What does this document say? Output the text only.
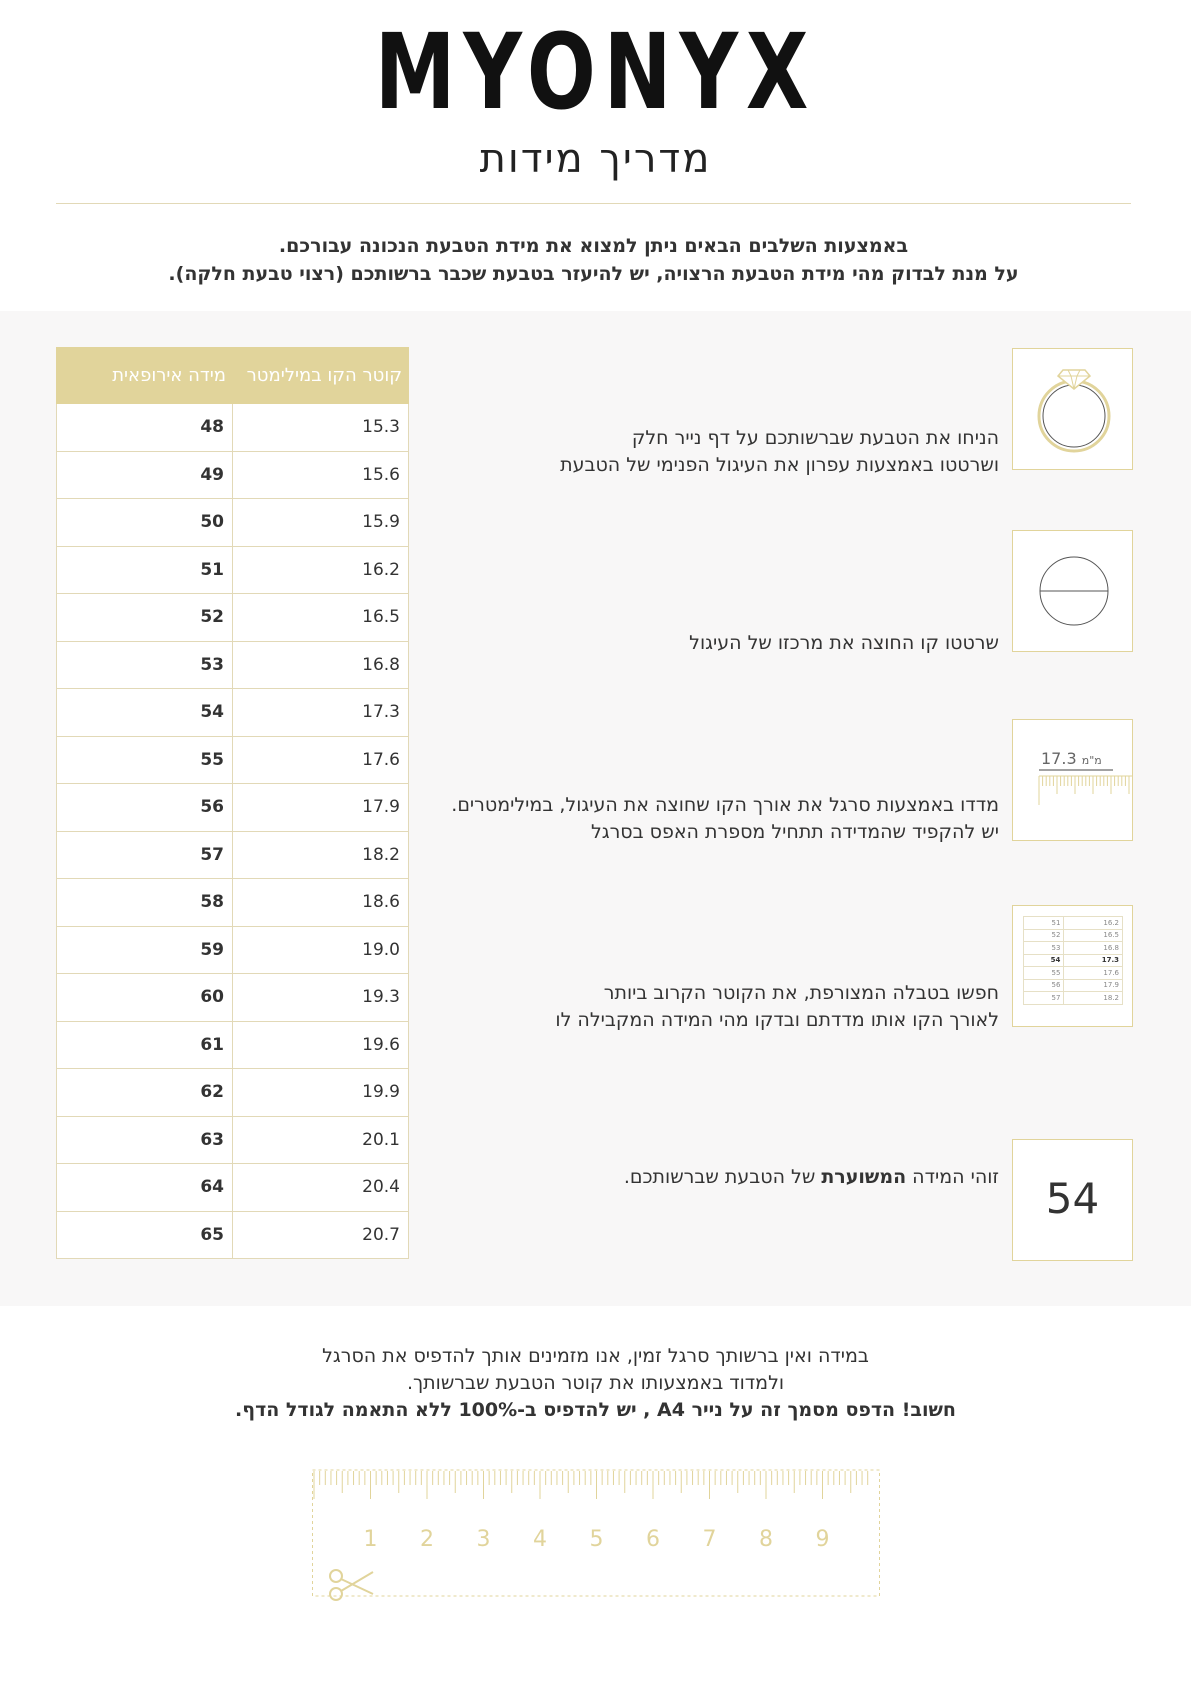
MYONYX
מדריך מידות
באמצעות השלבים הבאים ניתן למצוא את מידת הטבעת הנכונה עבורכם.
על מנת לבדוק מהי מידת הטבעת הרצויה, יש להיעזר בטבעת שכבר ברשותכם (רצוי טבעת חלקה).
מידה אירופאית	קוטר הקו במילימטר
48	15.3
49	15.6
50	15.9
51	16.2
52	16.5
53	16.8
54	17.3
55	17.6
56	17.9
57	18.2
58	18.6
59	19.0
60	19.3
61	19.6
62	19.9
63	20.1
64	20.4
65	20.7
הניחו את הטבעת שברשותכם על דף נייר חלק
ושרטטו באמצעות עפרון את העיגול הפנימי של הטבעת
שרטטו קו החוצה את מרכזו של העיגול
מ"מ 17.3
מדדו באמצעות סרגל את אורך הקו שחוצה את העיגול, במילימטרים.
יש להקפיד שהמדידה תתחיל מספרת האפס בסרגל
51	16.2
52	16.5
53	16.8
54	17.3
55	17.6
56	17.9
57	18.2
חפשו בטבלה המצורפת, את הקוטר הקרוב ביותר
לאורך הקו אותו מדדתם ובדקו מהי המידה המקבילה לו
54
זוהי המידה המשוערת של הטבעת שברשותכם.
במידה ואין ברשותך סרגל זמין, אנו מזמינים אותך להדפיס את הסרגל
ולמדוד באמצעותו את קוטר הטבעת שברשותך.
חשוב! הדפס מסמך זה על נייר A4 , יש להדפיס ב-100% ללא התאמה לגודל הדף.
1 2 3 4 5 6 7 8 9
